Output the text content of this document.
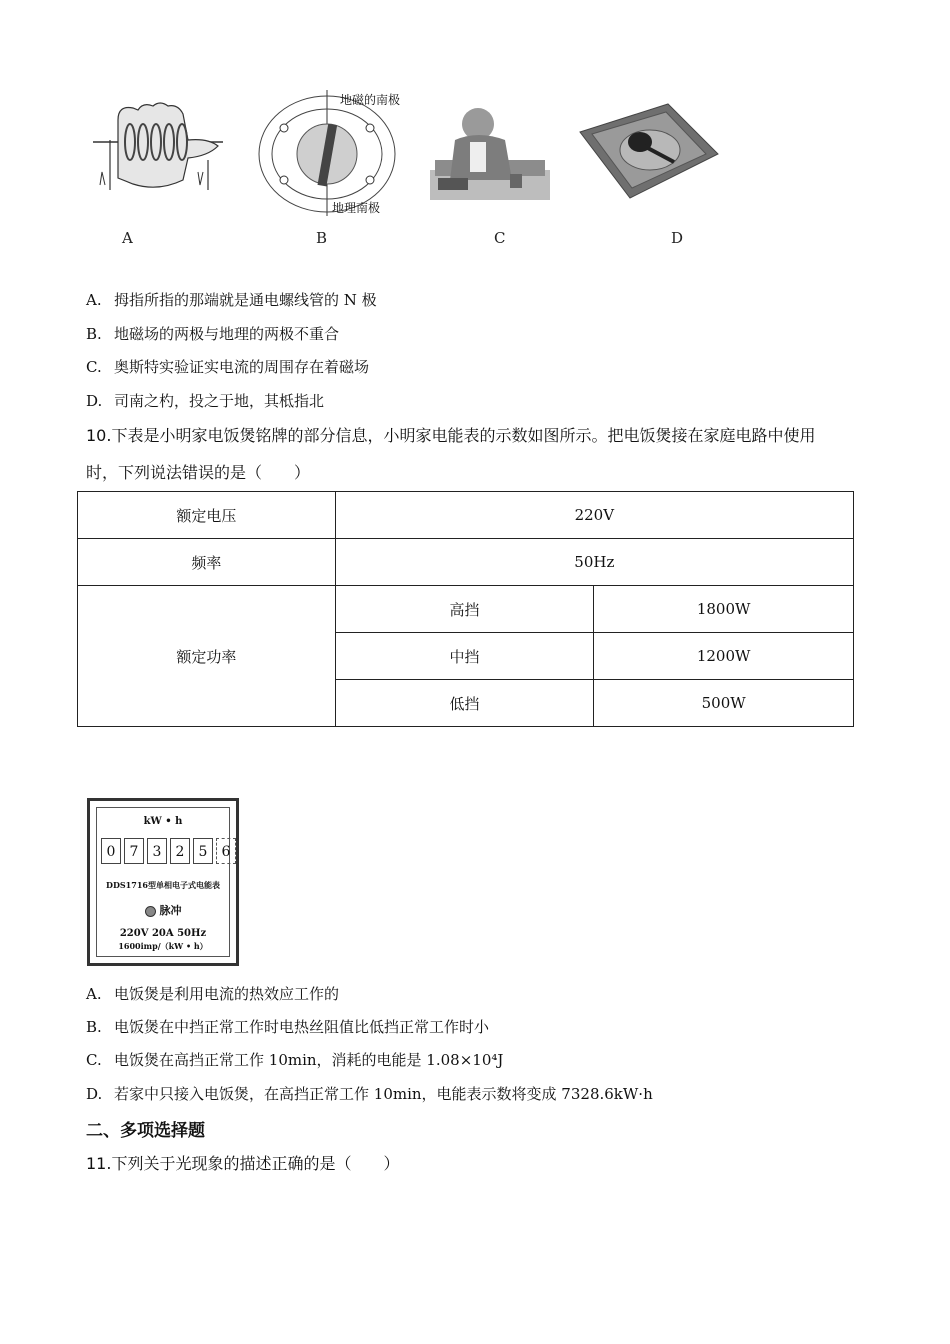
A
地磁的南极
地理南极
B	C	D
A. 拇指所指的那端就是通电螺线管的 N 极
B. 地磁场的两极与地理的两极不重合
C. 奥斯特实验证实电流的周围存在着磁场
D. 司南之杓，投之于地，其柢指北
10.下表是小明家电饭煲铭牌的部分信息，小明家电能表的示数如图所示。把电饭煲接在家庭电路中使用
时，下列说法错误的是（　　）
额定电压	220V	
频率	50Hz	
额定功率	高挡	1800W
	中挡	1200W
	低挡	500W
kW • h
0	7	3	2	5	6
DDS1716型单相电子式电能表
脉冲
220V 20A 50Hz
1600imp/（kW • h）
A. 电饭煲是利用电流的热效应工作的
B. 电饭煲在中挡正常工作时电热丝阻值比低挡正常工作时小
C. 电饭煲在高挡正常工作 10min，消耗的电能是 1.08×10⁴J
D. 若家中只接入电饭煲，在高挡正常工作 10min，电能表示数将变成 7328.6kW·h
二、多项选择题
11.下列关于光现象的描述正确的是（　　）
